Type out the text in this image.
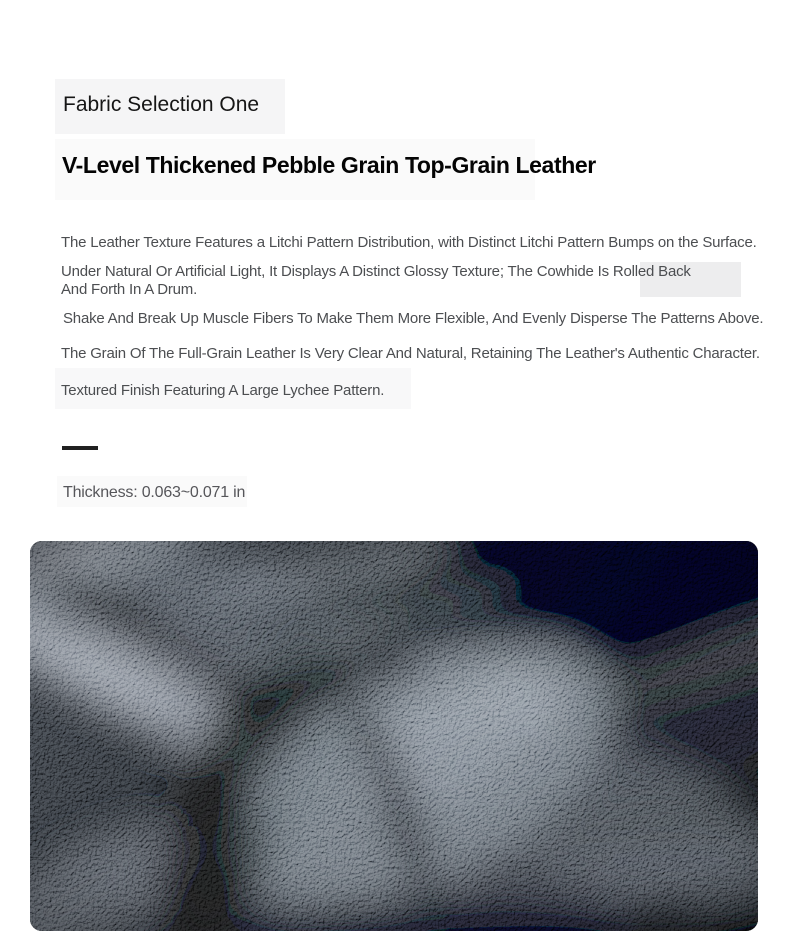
Fabric Selection One
V-Level Thickened Pebble Grain Top-Grain Leather
The Leather Texture Features a Litchi Pattern Distribution, with Distinct Litchi Pattern Bumps on the Surface.
Under Natural Or Artificial Light, It Displays A Distinct Glossy Texture; The Cowhide Is Rolled Back
And Forth In A Drum.
Shake And Break Up Muscle Fibers To Make Them More Flexible, And Evenly Disperse The Patterns Above.
The Grain Of The Full-Grain Leather Is Very Clear And Natural, Retaining The Leather's Authentic Character.
Textured Finish Featuring A Large Lychee Pattern.
Thickness: 0.063~0.071 in
